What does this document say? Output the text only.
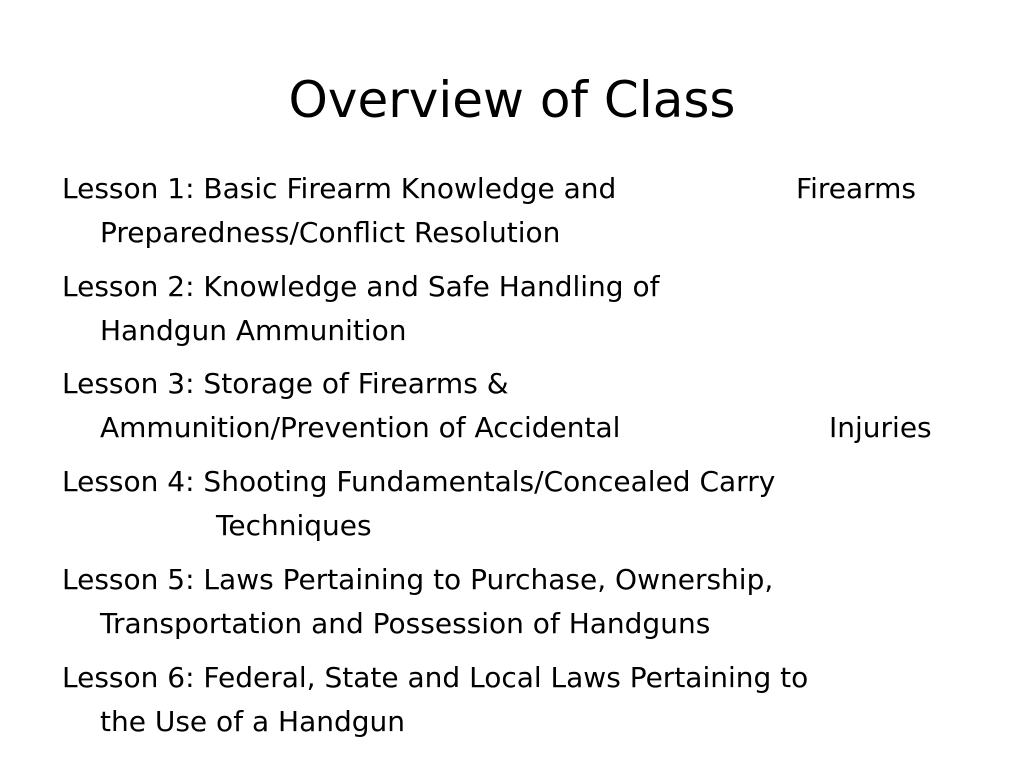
Overview of Class
Lesson 1: Basic Firearm Knowledge and	Firearms
Preparedness/Conflict Resolution
Lesson 2: Knowledge and Safe Handling of
Handgun Ammunition
Lesson 3: Storage of Firearms &
Ammunition/Prevention of Accidental	Injuries
Lesson 4: Shooting Fundamentals/Concealed Carry
Techniques
Lesson 5: Laws Pertaining to Purchase, Ownership,
Transportation and Possession of Handguns
Lesson 6: Federal, State and Local Laws Pertaining to
the Use of a Handgun
